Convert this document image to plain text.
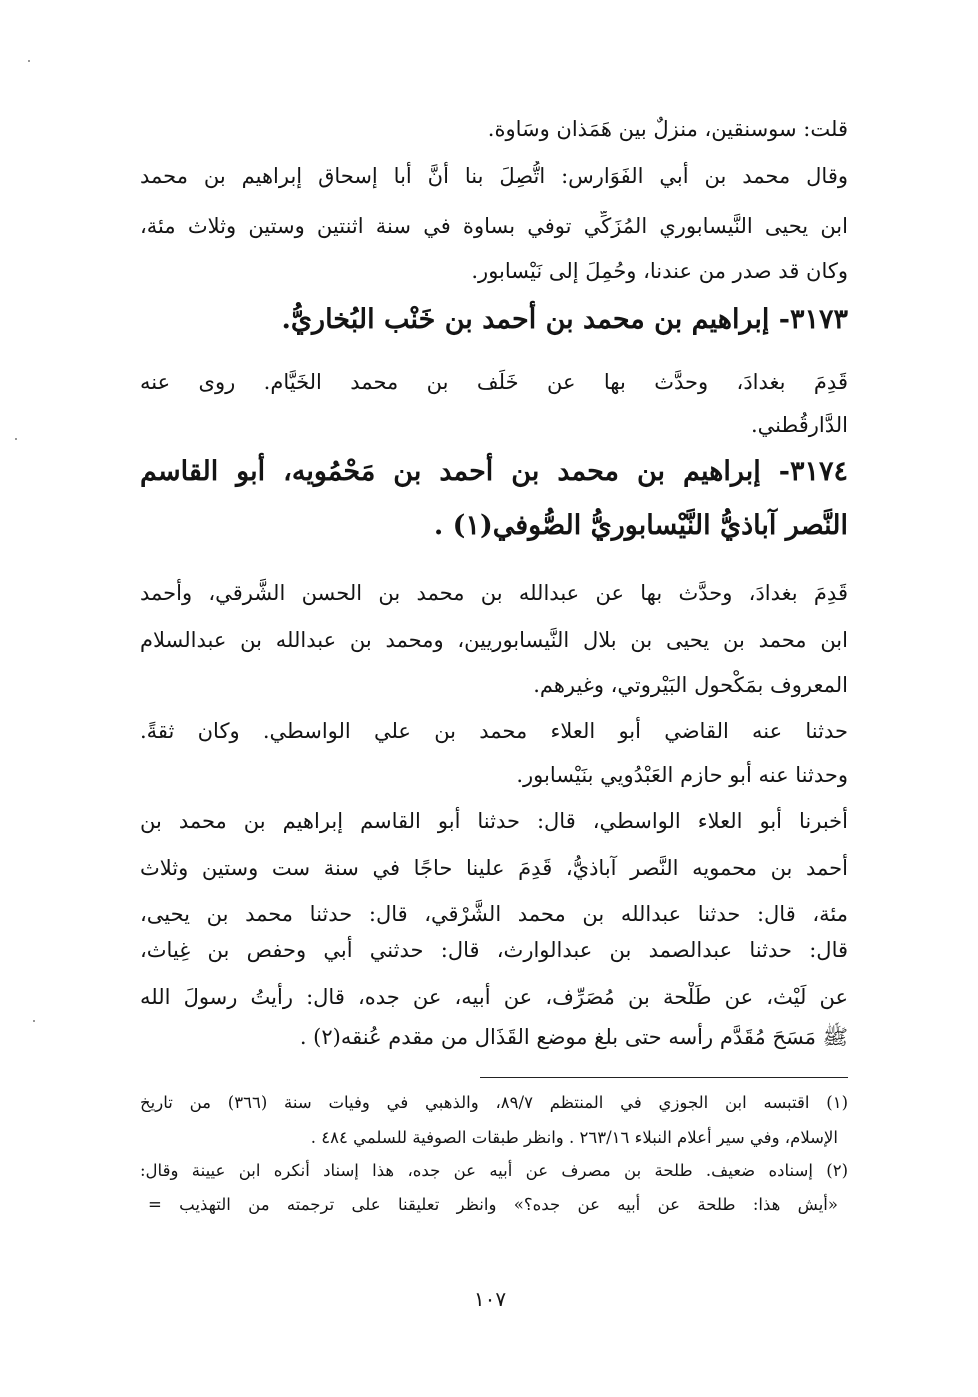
قلت: سوسنقين، منزلٌ بين هَمَذان وسَاوة.
وقال محمد بن أبي الفَوَارس: اتُّصِلَ بنا أنَّ أبا إسحاق إبراهيم بن محمد
ابن يحيى النَّيسابوري المُزَكِّي توفي بساوة في سنة اثنتين وستين وثلاث مئة،
وكان قد صدر من عندنا، وحُمِلَ إلى نَيْسابور.
٣١٧٣- إبراهيم بن محمد بن أحمد بن خَنْب البُخاريُّ.
قَدِمَ بغدادَ، وحدَّث بها عن خَلَف بن محمد الخَيَّام. روى عنه
الدَّارقُطني.
٣١٧٤- إبراهيم بن محمد بن أحمد بن مَحْمُويه، أبو القاسم
النَّصر آباذيُّ النَّيْسابوريُّ الصُّوفي(١) .
قَدِمَ بغدادَ، وحدَّث بها عن عبدالله بن محمد بن الحسن الشَّرقي، وأحمد
ابن محمد بن يحيى بن بلال النَّيسابوريين، ومحمد بن عبدالله بن عبدالسلام
المعروف بمَكْحول البَيْروتي، وغيرهم.
حدثنا عنه القاضي أبو العلاء محمد بن علي الواسطي. وكان ثقةً.
وحدثنا عنه أبو حازم العَبْدُويي بنَيْسابور.
أخبرنا أبو العلاء الواسطي، قال: حدثنا أبو القاسم إبراهيم بن محمد بن
أحمد بن محمويه النَّصر آباذيُّ، قَدِمَ علينا حاجًا في سنة ست وستين وثلاث
مئة، قال: حدثنا عبدالله بن محمد الشَّرْقي، قال: حدثنا محمد بن يحيى،
قال: حدثنا عبدالصمد بن عبدالوارث، قال: حدثني أبي وحفص بن غِياث،
عن لَيْث، عن طَلْحة بن مُصَرِّف، عن أبيه، عن جده، قال: رأيتُ رسولَ الله
ﷺ مَسَحَ مُقَدَّم رأسه حتى بلغ موضع القَذَال من مقدم عُنقه(٢) .
(١) اقتبسه ابن الجوزي في المنتظم ٨٩/٧، والذهبي في وفيات سنة (٣٦٦) من تاريخ
الإسلام، وفي سير أعلام النبلاء ٢٦٣/١٦ . وانظر طبقات الصوفية للسلمي ٤٨٤ .
(٢) إسناده ضعيف. طلحة بن مصرف عن أبيه عن جده، هذا إسناد أنكره ابن عيينة وقال:
«أيش هذا: طلحة عن أبيه عن جده؟» وانظر تعليقنا على ترجمته من التهذيب =
١٠٧
